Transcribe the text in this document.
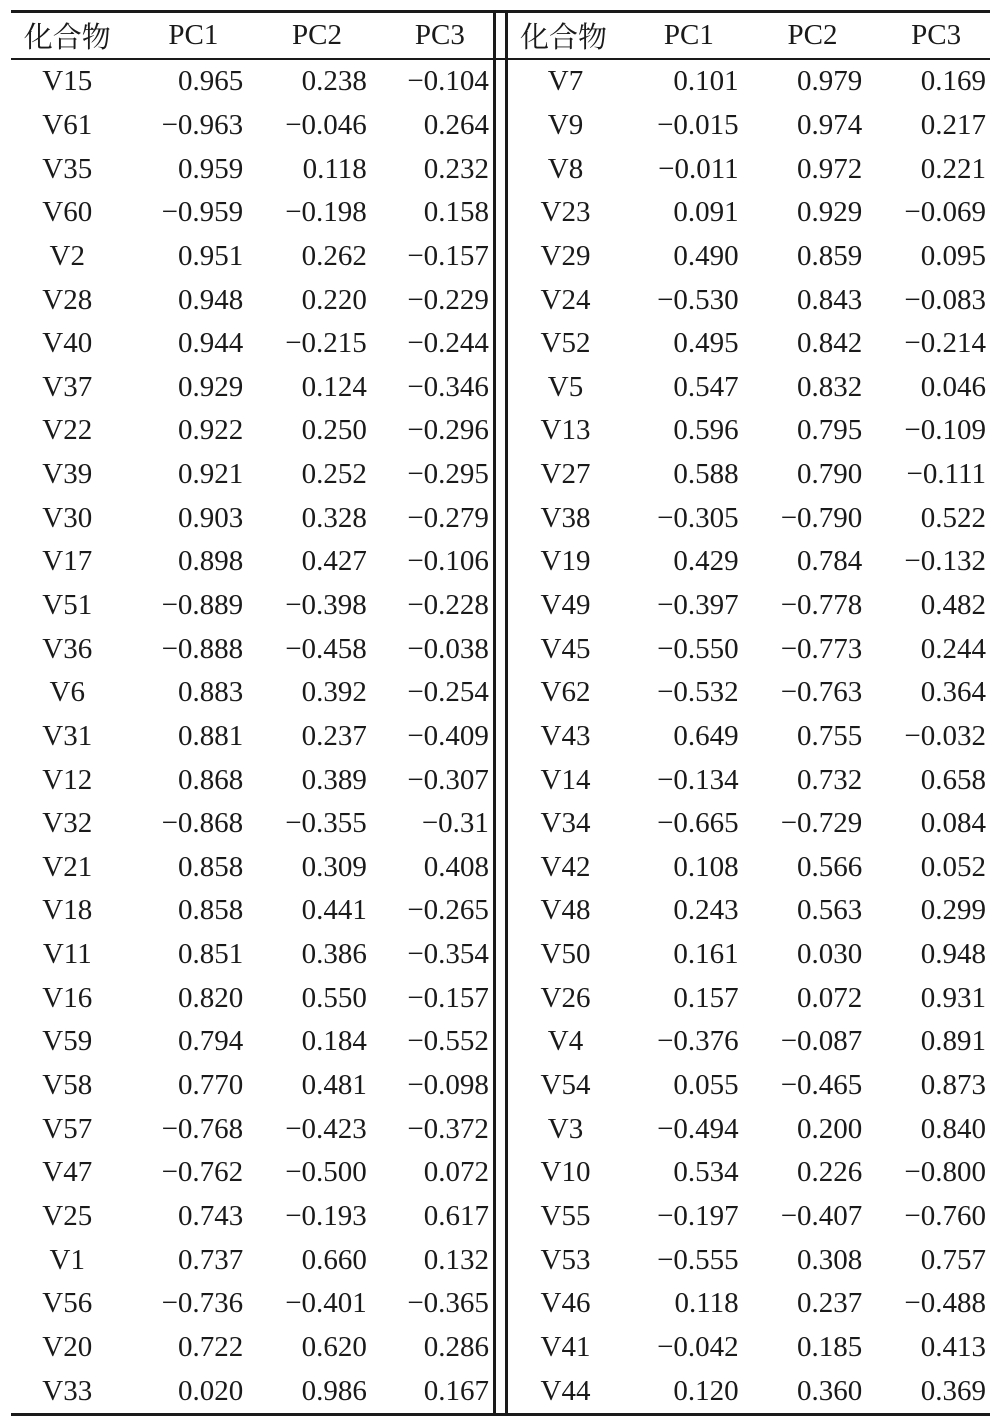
化合物	PC1	PC2	PC3		化合物	PC1	PC2	PC3
V15	0.965	0.238	−0.104		V7	0.101	0.979	0.169
V61	−0.963	−0.046	0.264		V9	−0.015	0.974	0.217
V35	0.959	0.118	0.232		V8	−0.011	0.972	0.221
V60	−0.959	−0.198	0.158		V23	0.091	0.929	−0.069
V2	0.951	0.262	−0.157		V29	0.490	0.859	0.095
V28	0.948	0.220	−0.229		V24	−0.530	0.843	−0.083
V40	0.944	−0.215	−0.244		V52	0.495	0.842	−0.214
V37	0.929	0.124	−0.346		V5	0.547	0.832	0.046
V22	0.922	0.250	−0.296		V13	0.596	0.795	−0.109
V39	0.921	0.252	−0.295		V27	0.588	0.790	−0.111
V30	0.903	0.328	−0.279		V38	−0.305	−0.790	0.522
V17	0.898	0.427	−0.106		V19	0.429	0.784	−0.132
V51	−0.889	−0.398	−0.228		V49	−0.397	−0.778	0.482
V36	−0.888	−0.458	−0.038		V45	−0.550	−0.773	0.244
V6	0.883	0.392	−0.254		V62	−0.532	−0.763	0.364
V31	0.881	0.237	−0.409		V43	0.649	0.755	−0.032
V12	0.868	0.389	−0.307		V14	−0.134	0.732	0.658
V32	−0.868	−0.355	−0.31		V34	−0.665	−0.729	0.084
V21	0.858	0.309	0.408		V42	0.108	0.566	0.052
V18	0.858	0.441	−0.265		V48	0.243	0.563	0.299
V11	0.851	0.386	−0.354		V50	0.161	0.030	0.948
V16	0.820	0.550	−0.157		V26	0.157	0.072	0.931
V59	0.794	0.184	−0.552		V4	−0.376	−0.087	0.891
V58	0.770	0.481	−0.098		V54	0.055	−0.465	0.873
V57	−0.768	−0.423	−0.372		V3	−0.494	0.200	0.840
V47	−0.762	−0.500	0.072		V10	0.534	0.226	−0.800
V25	0.743	−0.193	0.617		V55	−0.197	−0.407	−0.760
V1	0.737	0.660	0.132		V53	−0.555	0.308	0.757
V56	−0.736	−0.401	−0.365		V46	0.118	0.237	−0.488
V20	0.722	0.620	0.286		V41	−0.042	0.185	0.413
V33	0.020	0.986	0.167		V44	0.120	0.360	0.369
